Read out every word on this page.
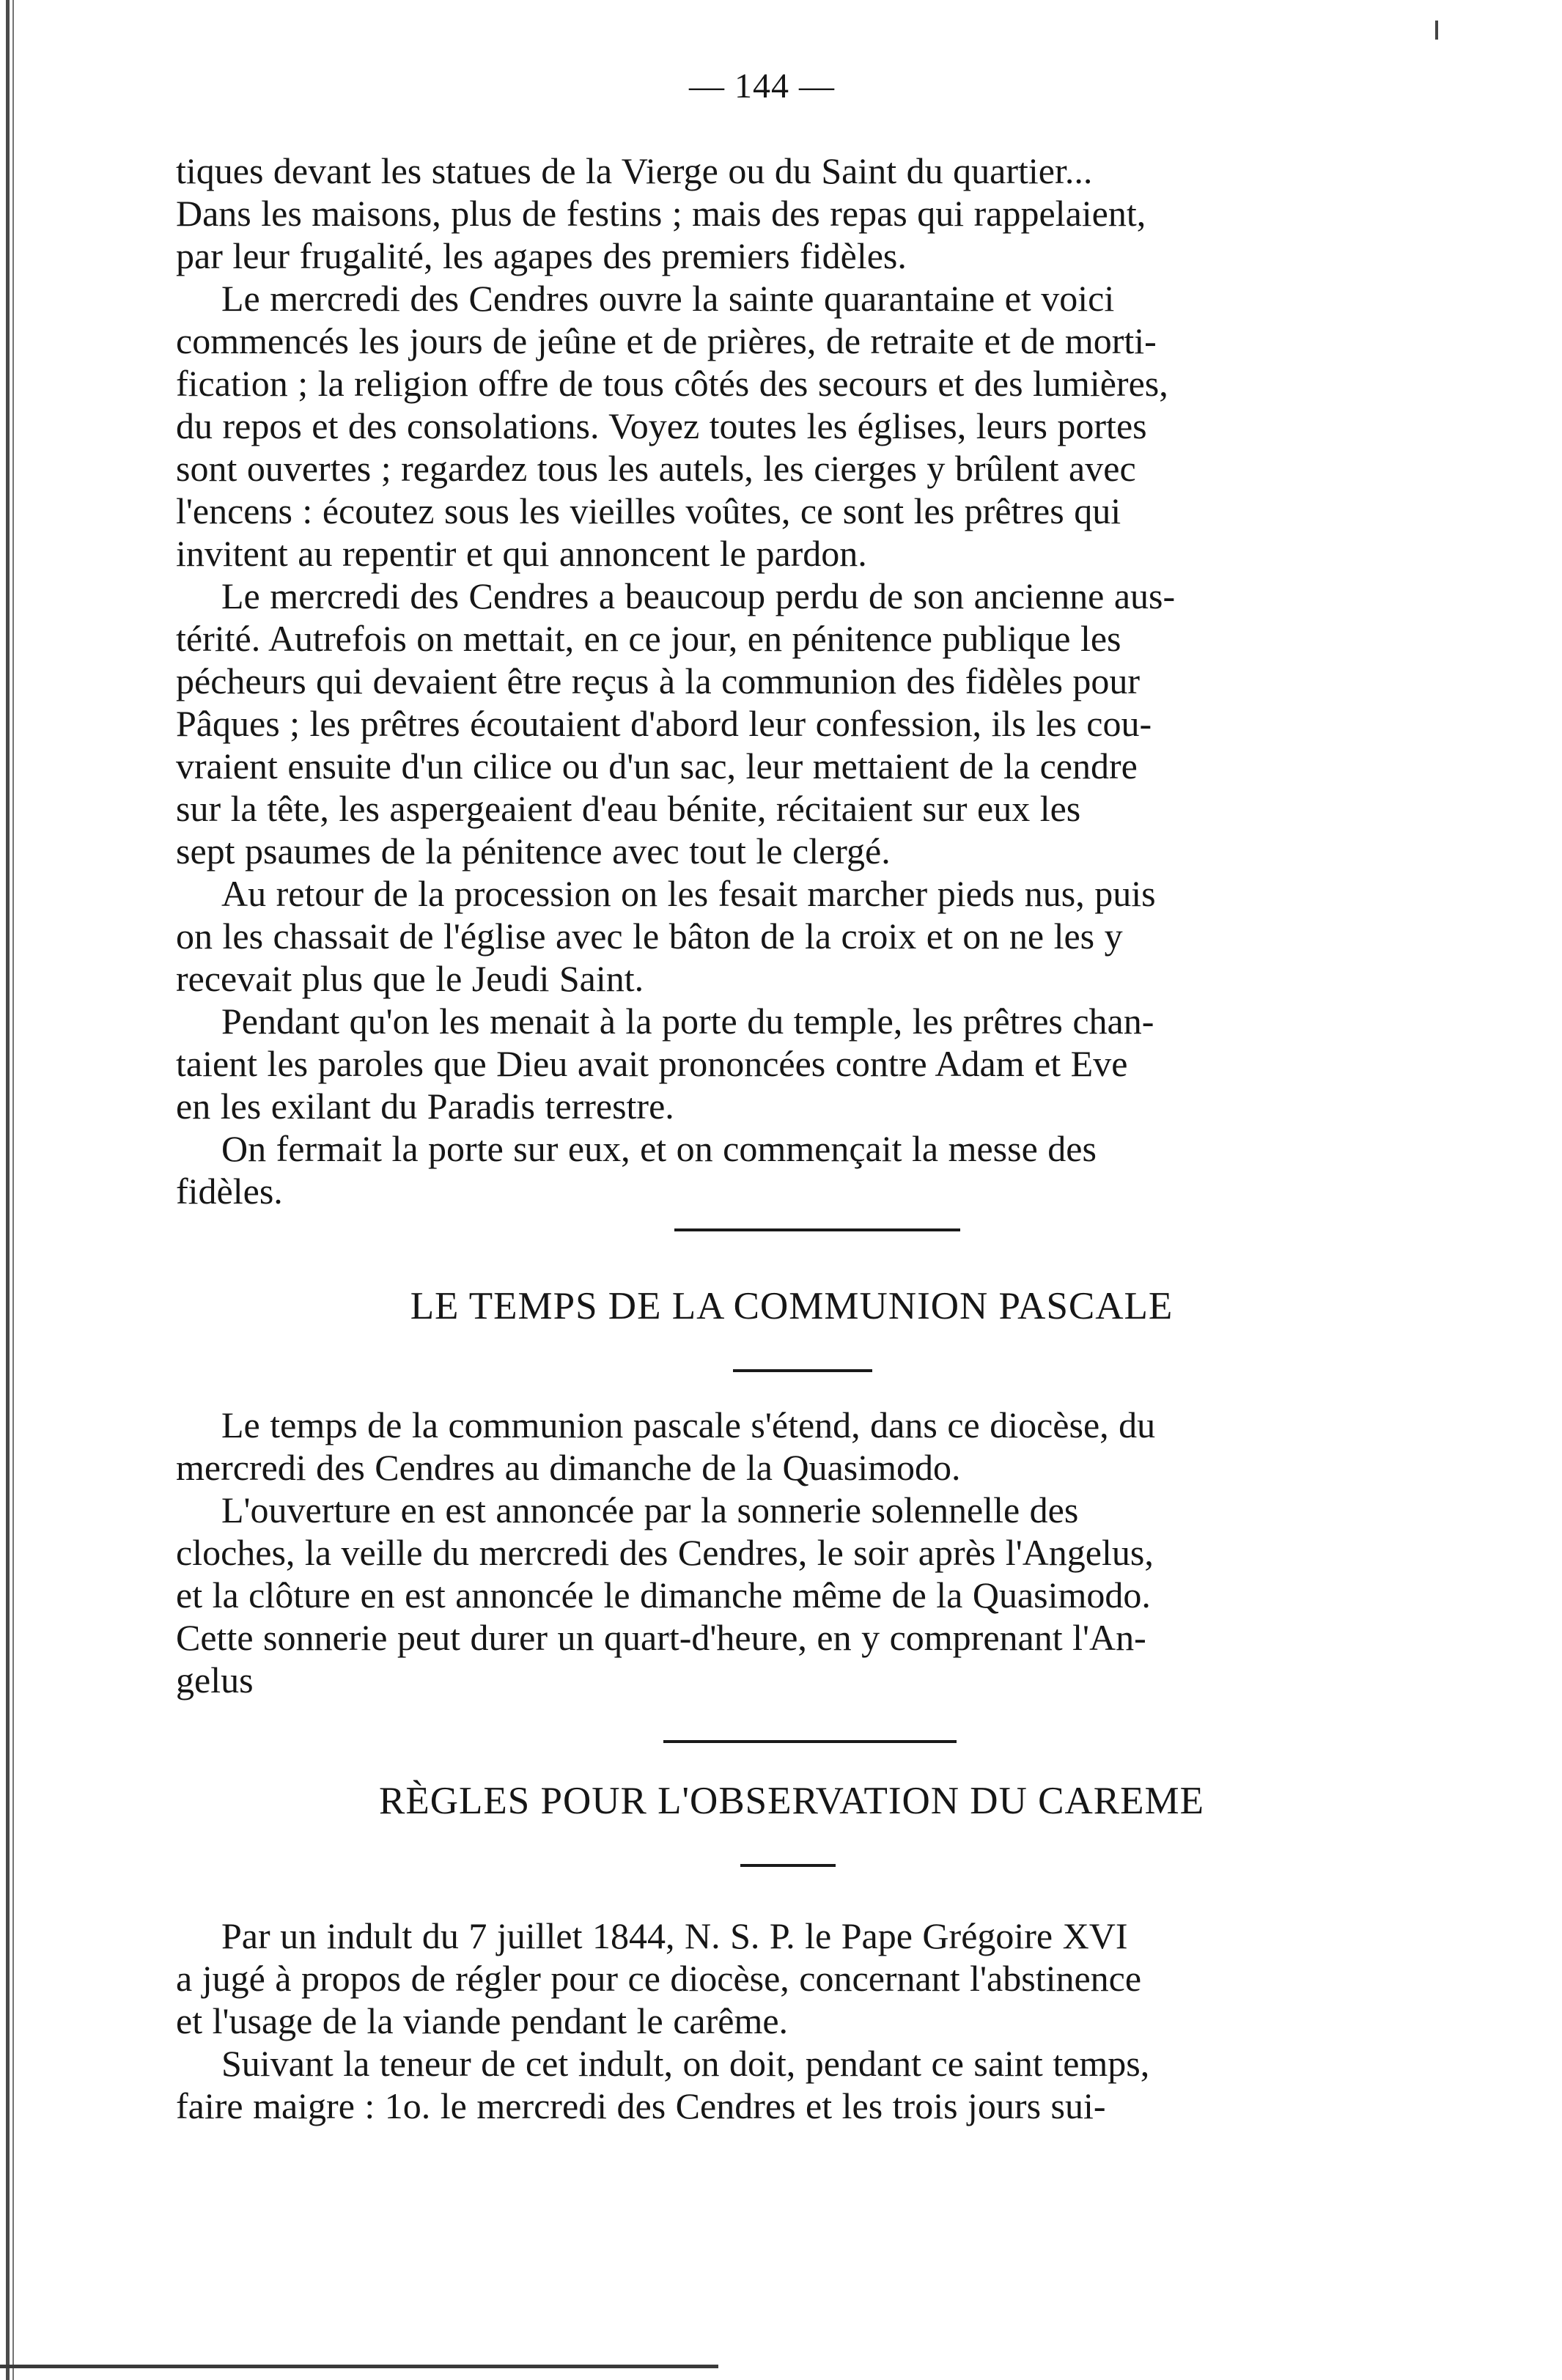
— 144 —
tiques devant les statues de la Vierge ou du Saint du quartier...
Dans les maisons, plus de festins ; mais des repas qui rappelaient,
par leur frugalité, les agapes des premiers fidèles.
Le mercredi des Cendres ouvre la sainte quarantaine et voici
commencés les jours de jeûne et de prières, de retraite et de morti-
fication ; la religion offre de tous côtés des secours et des lumières,
du repos et des consolations. Voyez toutes les églises, leurs portes
sont ouvertes ; regardez tous les autels, les cierges y brûlent avec
l'encens : écoutez sous les vieilles voûtes, ce sont les prêtres qui
invitent au repentir et qui annoncent le pardon.
Le mercredi des Cendres a beaucoup perdu de son ancienne aus-
térité. Autrefois on mettait, en ce jour, en pénitence publique les
pécheurs qui devaient être reçus à la communion des fidèles pour
Pâques ; les prêtres écoutaient d'abord leur confession, ils les cou-
vraient ensuite d'un cilice ou d'un sac, leur mettaient de la cendre
sur la tête, les aspergeaient d'eau bénite, récitaient sur eux les
sept psaumes de la pénitence avec tout le clergé.
Au retour de la procession on les fesait marcher pieds nus, puis
on les chassait de l'église avec le bâton de la croix et on ne les y
recevait plus que le Jeudi Saint.
Pendant qu'on les menait à la porte du temple, les prêtres chan-
taient les paroles que Dieu avait prononcées contre Adam et Eve
en les exilant du Paradis terrestre.
On fermait la porte sur eux, et on commençait la messe des
fidèles.
LE TEMPS DE LA COMMUNION PASCALE
Le temps de la communion pascale s'étend, dans ce diocèse, du
mercredi des Cendres au dimanche de la Quasimodo.
L'ouverture en est annoncée par la sonnerie solennelle des
cloches, la veille du mercredi des Cendres, le soir après l'Angelus,
et la clôture en est annoncée le dimanche même de la Quasimodo.
Cette sonnerie peut durer un quart-d'heure, en y comprenant l'An-
gelus
RÈGLES POUR L'OBSERVATION DU CAREME
Par un indult du 7 juillet 1844, N. S. P. le Pape Grégoire XVI
a jugé à propos de régler pour ce diocèse, concernant l'abstinence
et l'usage de la viande pendant le carême.
Suivant la teneur de cet indult, on doit, pendant ce saint temps,
faire maigre : 1o. le mercredi des Cendres et les trois jours sui-
